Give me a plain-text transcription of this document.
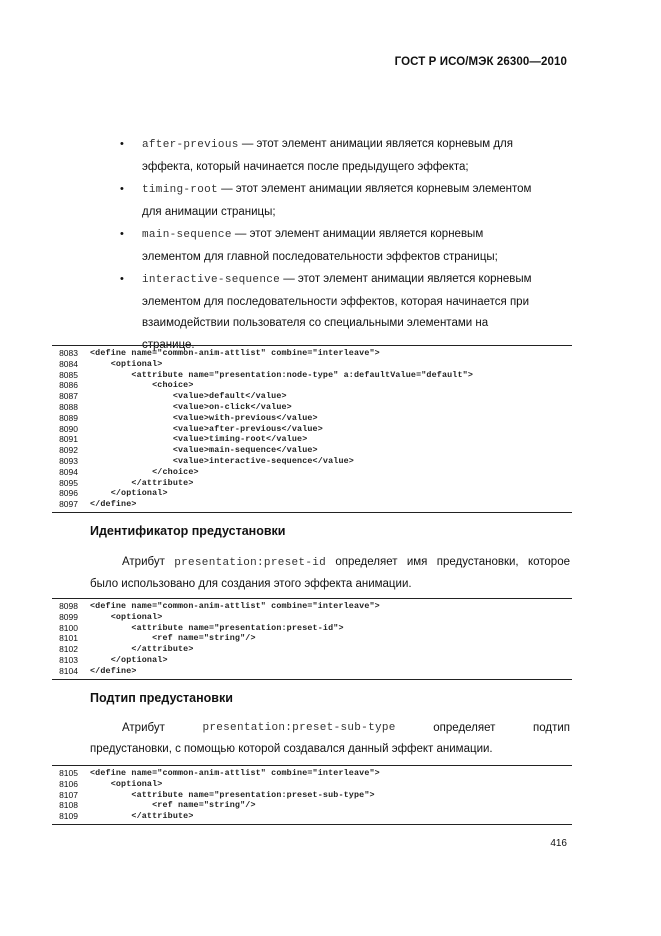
ГОСТ Р ИСО/МЭК 26300—2010
• after-previous — этот элемент анимации является корневым для
эффекта, который начинается после предыдущего эффекта;
• timing-root — этот элемент анимации является корневым элементом
для анимации страницы;
• main-sequence — этот элемент анимации является корневым
элементом для главной последовательности эффектов страницы;
• interactive-sequence — этот элемент анимации является корневым
элементом для последовательности эффектов, которая начинается при
взаимодействии пользователя со специальными элементами на
странице.
8083 <define name="common-anim-attlist" combine="interleave">
8084 <optional>
8085 <attribute name="presentation:node-type" a:defaultValue="default">
8086 <choice>
8087 <value>default</value>
8088 <value>on-click</value>
8089 <value>with-previous</value>
8090 <value>after-previous</value>
8091 <value>timing-root</value>
8092 <value>main-sequence</value>
8093 <value>interactive-sequence</value>
8094 </choice>
8095 </attribute>
8096 </optional>
8097 </define>
Идентификатор предустановки
Атрибут presentation:preset-id определяет имя предустановки, которое
было использовано для создания этого эффекта анимации.
8098 <define name="common-anim-attlist" combine="interleave">
8099 <optional>
8100 <attribute name="presentation:preset-id">
8101 <ref name="string"/>
8102 </attribute>
8103 </optional>
8104 </define>
Подтип предустановки
Атрибут	presentation:preset-sub-type	определяет	подтип
предустановки, с помощью которой создавался данный эффект анимации.
8105 <define name="common-anim-attlist" combine="interleave">
8106 <optional>
8107 <attribute name="presentation:preset-sub-type">
8108 <ref name="string"/>
8109 </attribute>
416
